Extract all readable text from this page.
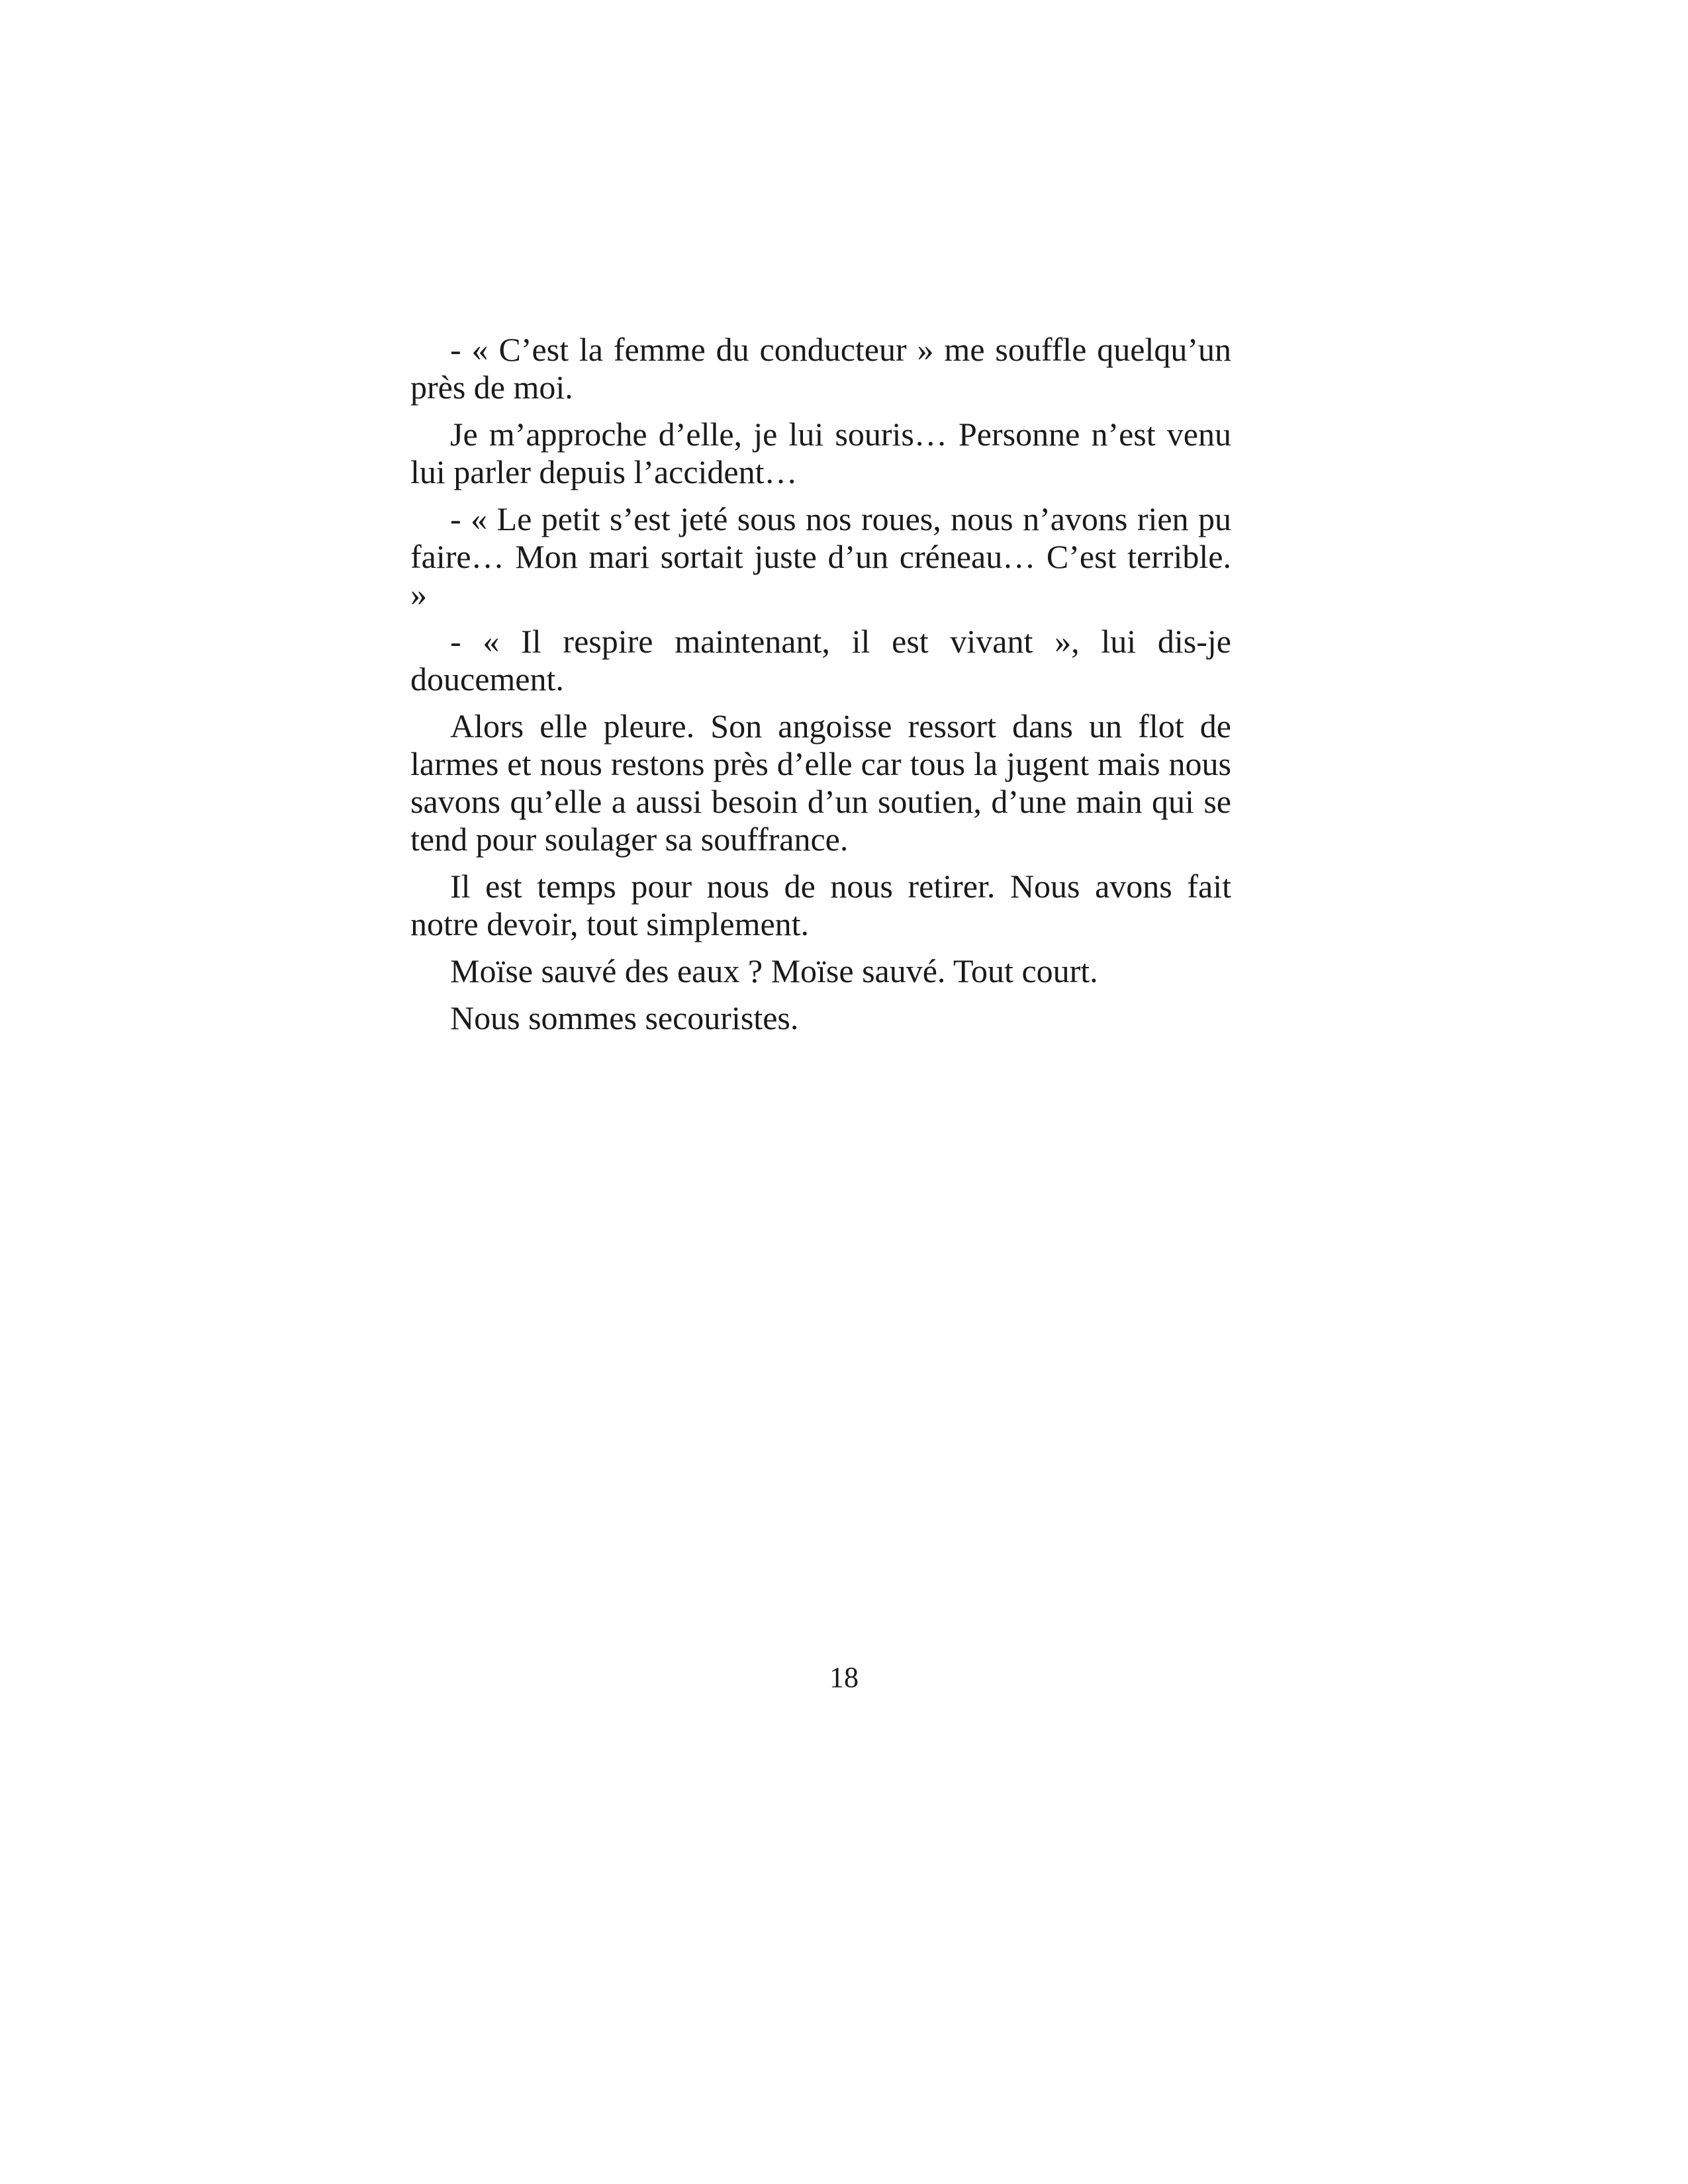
- « C’est la femme du conducteur » me souffle quelqu’un près de moi.

Je m’approche d’elle, je lui souris… Personne n’est venu lui parler depuis l’accident…

- « Le petit s’est jeté sous nos roues, nous n’avons rien pu faire… Mon mari sortait juste d’un créneau… C’est terrible. »

- « Il respire maintenant, il est vivant », lui dis-je doucement.

Alors elle pleure. Son angoisse ressort dans un flot de larmes et nous restons près d’elle car tous la jugent mais nous savons qu’elle a aussi besoin d’un soutien, d’une main qui se tend pour soulager sa souffrance.

Il est temps pour nous de nous retirer. Nous avons fait notre devoir, tout simplement.

Moïse sauvé des eaux ? Moïse sauvé. Tout court.

Nous sommes secouristes.

18
